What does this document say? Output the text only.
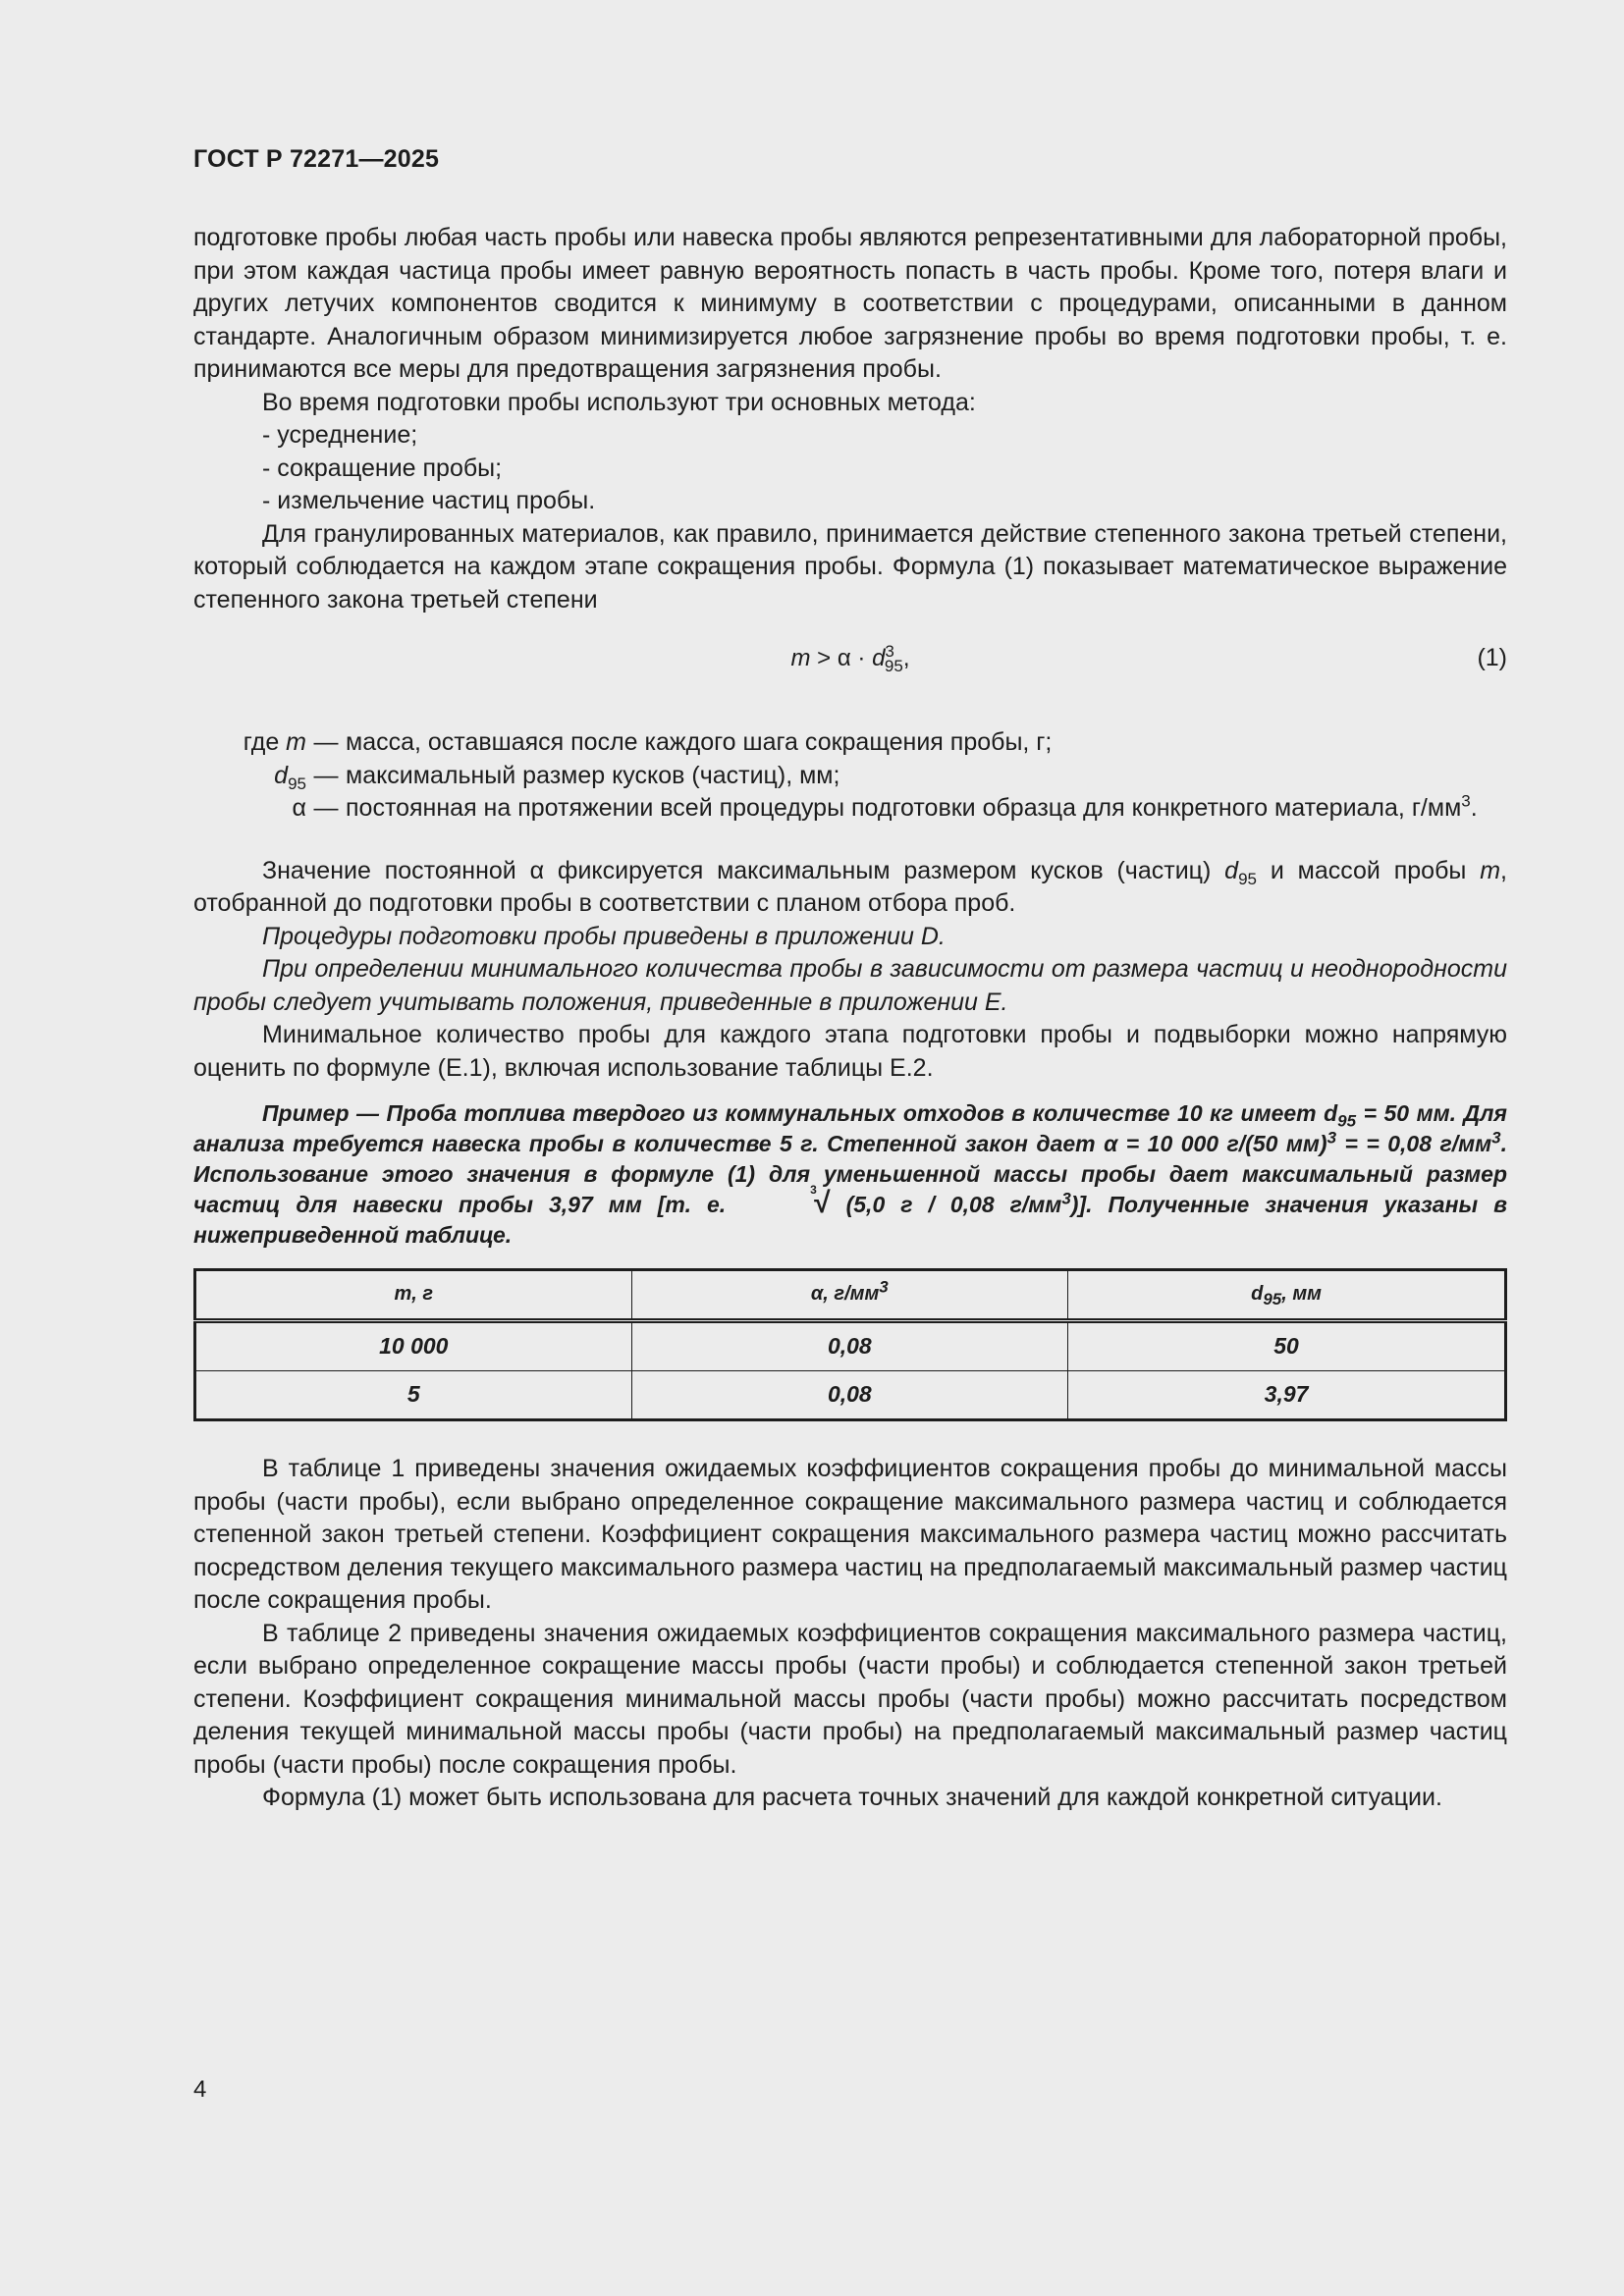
ГОСТ Р 72271—2025

подготовке пробы любая часть пробы или навеска пробы являются репрезентативными для лабораторной пробы, при этом каждая частица пробы имеет равную вероятность попасть в часть пробы. Кроме того, потеря влаги и других летучих компонентов сводится к минимуму в соответствии с процедурами, описанными в данном стандарте. Аналогичным образом минимизируется любое загрязнение пробы во время подготовки пробы, т. е. принимаются все меры для предотвращения загрязнения пробы.

Во время подготовки пробы используют три основных метода:

- усреднение;

- сокращение пробы;

- измельчение частиц пробы.

Для гранулированных материалов, как правило, принимается действие степенного закона третьей степени, который соблюдается на каждом этапе сокращения пробы. Формула (1) показывает математическое выражение степенного закона третьей степени

$m > \alpha \cdot d^3_{95}$,	(1)
где m — масса, оставшаяся после каждого шага сокращения пробы, г;
$d_{95}$ — максимальный размер кусков (частиц), мм;
α — постоянная на протяжении всей процедуры подготовки образца для конкретного материала, $г/мм^3$.

Значение постоянной α фиксируется максимальным размером кусков (частиц) $d_{95}$ и массой пробы m, отобранной до подготовки пробы в соответствии с планом отбора проб.

Процедуры подготовки пробы приведены в приложении D.

При определении минимального количества пробы в зависимости от размера частиц и неоднородности пробы следует учитывать положения, приведенные в приложении E.

Минимальное количество пробы для каждого этапа подготовки пробы и подвыборки можно напрямую оценить по формуле (E.1), включая использование таблицы E.2.

Пример — Проба топлива твердого из коммунальных отходов в количестве 10 кг имеет $d_{95} = 50$ мм. Для анализа требуется навеска пробы в количестве 5 г. Степенной закон дает α = 10 000 г/(50 мм)$^3$ = = 0,08 $г/мм^3$. Использование этого значения в формуле (1) для уменьшенной массы пробы дает максимальный размер частиц для навески пробы 3,97 мм [т. е.
3
√ (5,0 г / 0,08 $г/мм^3$)]. Полученные значения указаны в нижеприведенной таблице.

m, г	α, $г/мм^3$	$d_{95}$, мм
10 000	0,08	50
5	0,08	3,97

В таблице 1 приведены значения ожидаемых коэффициентов сокращения пробы до минимальной массы пробы (части пробы), если выбрано определенное сокращение максимального размера частиц и соблюдается степенной закон третьей степени. Коэффициент сокращения максимального размера частиц можно рассчитать посредством деления текущего максимального размера частиц на предполагаемый максимальный размер частиц после сокращения пробы.

В таблице 2 приведены значения ожидаемых коэффициентов сокращения максимального размера частиц, если выбрано определенное сокращение массы пробы (части пробы) и соблюдается степенной закон третьей степени. Коэффициент сокращения минимальной массы пробы (части пробы) можно рассчитать посредством деления текущей минимальной массы пробы (части пробы) на предполагаемый максимальный размер частиц пробы (части пробы) после сокращения пробы.

Формула (1) может быть использована для расчета точных значений для каждой конкретной ситуации.

4
